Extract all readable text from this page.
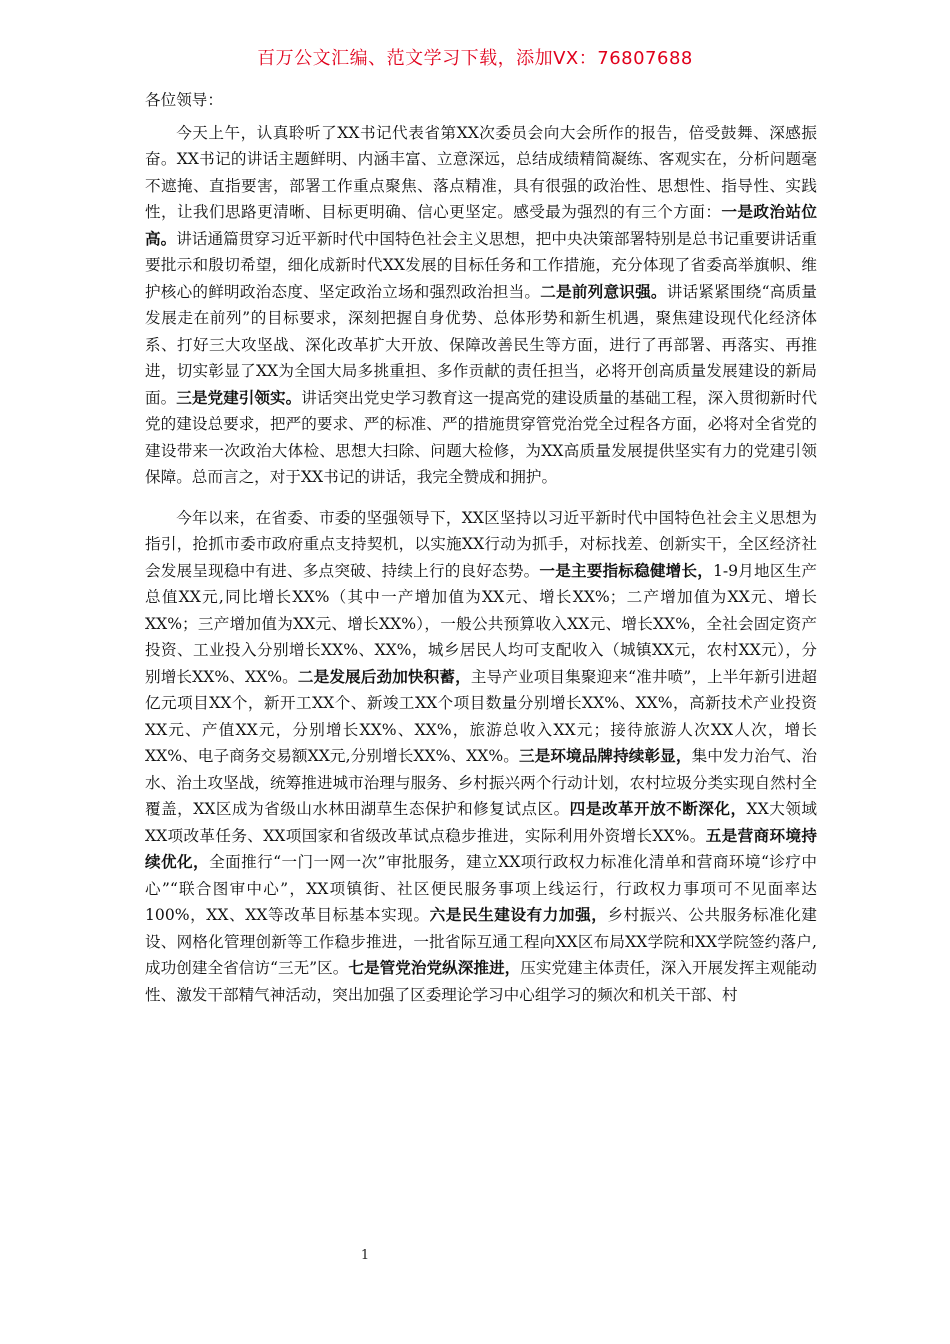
百万公文汇编、范文学习下载，添加VX：76807688

各位领导：

今天上午，认真聆听了XX书记代表省第XX次委员会向大会所作的报告，倍受鼓舞、深感振奋。XX书记的讲话主题鲜明、内涵丰富、立意深远，总结成绩精简凝练、客观实在，分析问题毫不遮掩、直指要害，部署工作重点聚焦、落点精准，具有很强的政治性、思想性、指导性、实践性，让我们思路更清晰、目标更明确、信心更坚定。感受最为强烈的有三个方面：一是政治站位高。讲话通篇贯穿习近平新时代中国特色社会主义思想，把中央决策部署特别是总书记重要讲话重要批示和殷切希望，细化成新时代XX发展的目标任务和工作措施，充分体现了省委高举旗帜、维护核心的鲜明政治态度、坚定政治立场和强烈政治担当。二是前列意识强。讲话紧紧围绕“高质量发展走在前列”的目标要求，深刻把握自身优势、总体形势和新生机遇，聚焦建设现代化经济体系、打好三大攻坚战、深化改革扩大开放、保障改善民生等方面，进行了再部署、再落实、再推进，切实彰显了XX为全国大局多挑重担、多作贡献的责任担当，必将开创高质量发展建设的新局面。三是党建引领实。讲话突出党史学习教育这一提高党的建设质量的基础工程，深入贯彻新时代党的建设总要求，把严的要求、严的标准、严的措施贯穿管党治党全过程各方面，必将对全省党的建设带来一次政治大体检、思想大扫除、问题大检修，为XX高质量发展提供坚实有力的党建引领保障。总而言之，对于XX书记的讲话，我完全赞成和拥护。

今年以来，在省委、市委的坚强领导下，XX区坚持以习近平新时代中国特色社会主义思想为指引，抢抓市委市政府重点支持契机，以实施XX行动为抓手，对标找差、创新实干，全区经济社会发展呈现稳中有进、多点突破、持续上行的良好态势。一是主要指标稳健增长，1-9月地区生产总值XX元,同比增长XX%（其中一产增加值为XX元、增长XX%；二产增加值为XX元、增长XX%；三产增加值为XX元、增长XX%），一般公共预算收入XX元、增长XX%，全社会固定资产投资、工业投入分别增长XX%、XX%，城乡居民人均可支配收入（城镇XX元，农村XX元），分别增长XX%、XX%。二是发展后劲加快积蓄，主导产业项目集聚迎来“准井喷”，上半年新引进超亿元项目XX个，新开工XX个、新竣工XX个项目数量分别增长XX%、XX%，高新技术产业投资XX元、产值XX元，分别增长XX%、XX%，旅游总收入XX元；接待旅游人次XX人次，增长XX%、电子商务交易额XX元,分别增长XX%、XX%。三是环境品牌持续彰显，集中发力治气、治水、治土攻坚战，统筹推进城市治理与服务、乡村振兴两个行动计划，农村垃圾分类实现自然村全覆盖，XX区成为省级山水林田湖草生态保护和修复试点区。四是改革开放不断深化，XX大领域XX项改革任务、XX项国家和省级改革试点稳步推进，实际利用外资增长XX%。五是营商环境持续优化，全面推行“一门一网一次”审批服务，建立XX项行政权力标准化清单和营商环境“诊疗中心”“联合图审中心”，XX项镇街、社区便民服务事项上线运行，行政权力事项可不见面率达100%，XX、XX等改革目标基本实现。六是民生建设有力加强，乡村振兴、公共服务标准化建设、网格化管理创新等工作稳步推进，一批省际互通工程向XX区布局XX学院和XX学院签约落户,成功创建全省信访“三无”区。七是管党治党纵深推进，压实党建主体责任，深入开展发挥主观能动性、激发干部精气神活动，突出加强了区委理论学习中心组学习的频次和机关干部、村

1
